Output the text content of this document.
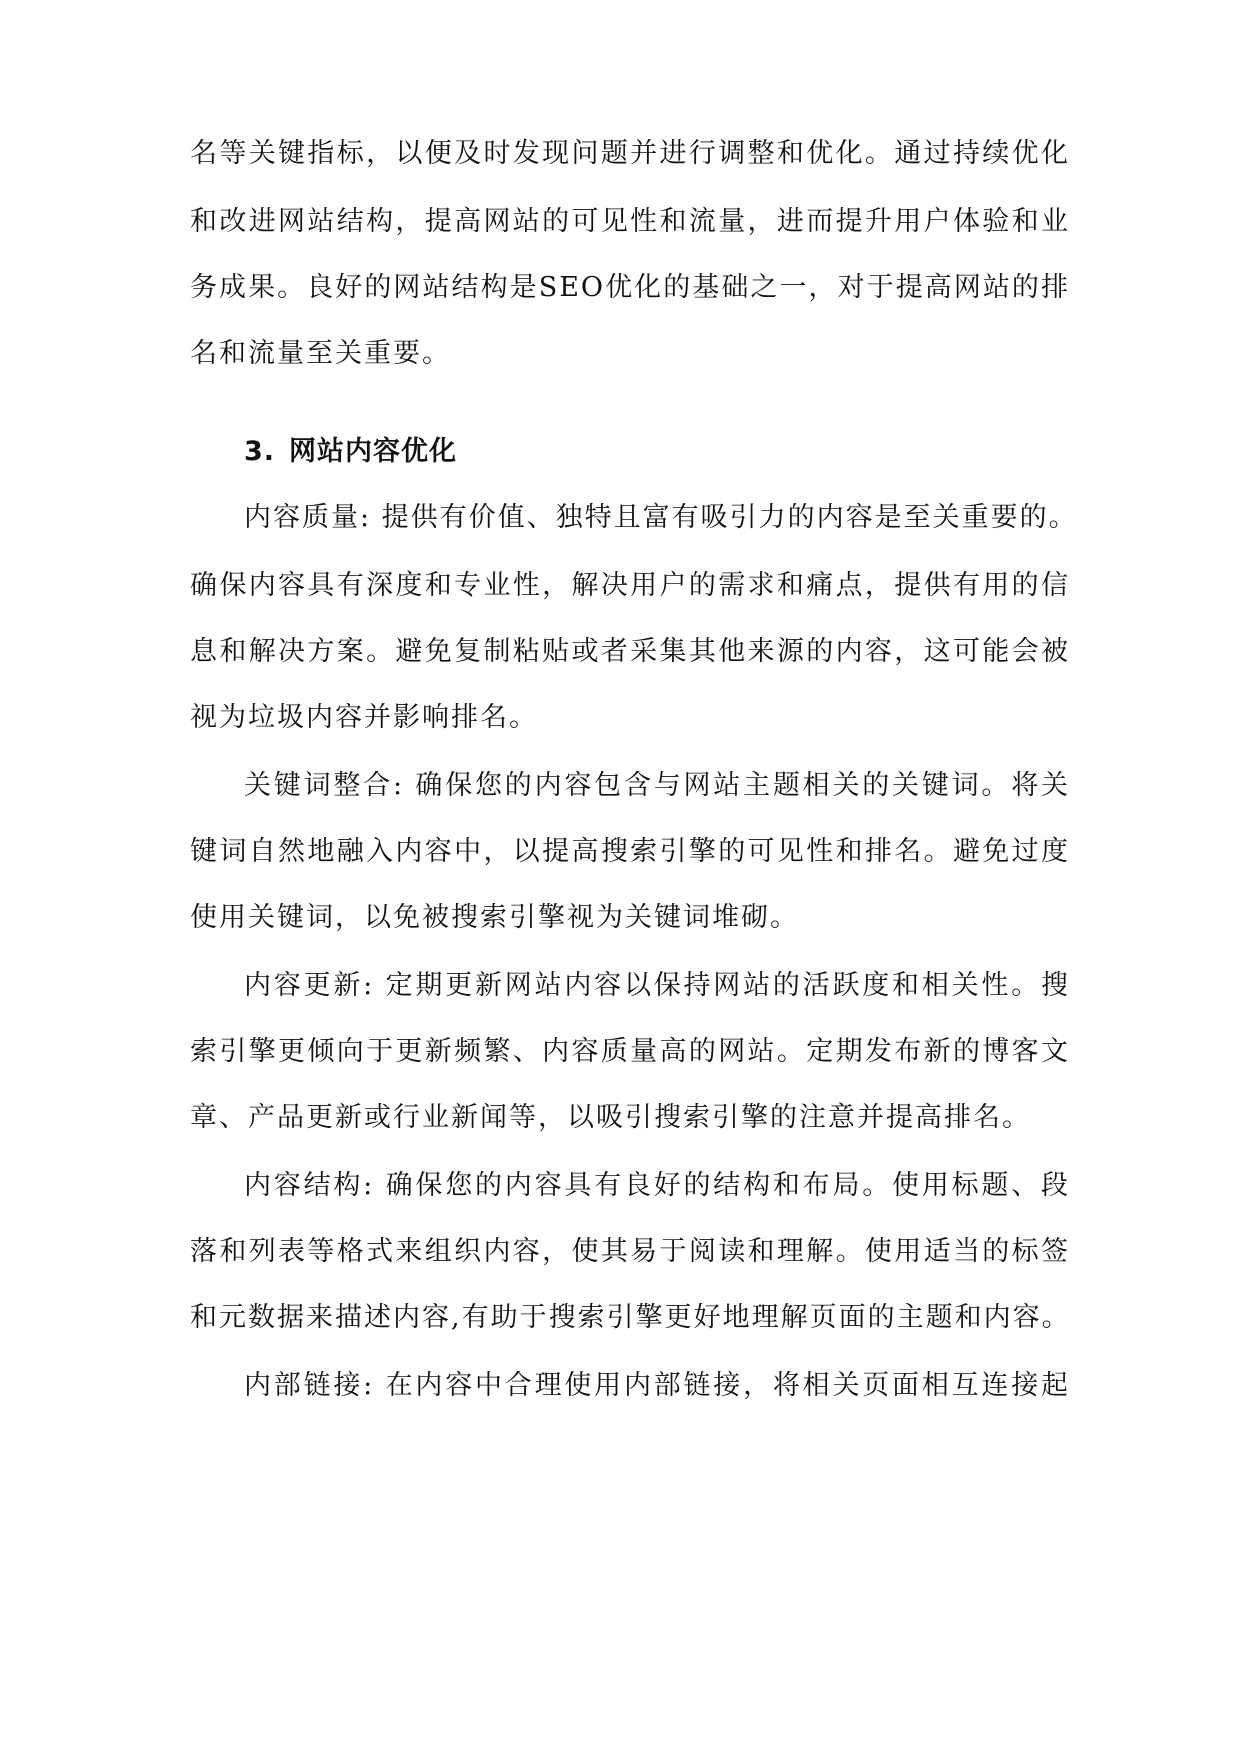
名等关键指标，以便及时发现问题并进行调整和优化。通过持续优化
和改进网站结构，提高网站的可见性和流量，进而提升用户体验和业
务成果。良好的网站结构是SEO优化的基础之一，对于提高网站的排
名和流量至关重要。
3. 网站内容优化
内容质量: 提供有价值、独特且富有吸引力的内容是至关重要的。
确保内容具有深度和专业性，解决用户的需求和痛点，提供有用的信
息和解决方案。避免复制粘贴或者采集其他来源的内容，这可能会被
视为垃圾内容并影响排名。
关键词整合: 确保您的内容包含与网站主题相关的关键词。将关
键词自然地融入内容中，以提高搜索引擎的可见性和排名。避免过度
使用关键词，以免被搜索引擎视为关键词堆砌。
内容更新: 定期更新网站内容以保持网站的活跃度和相关性。搜
索引擎更倾向于更新频繁、内容质量高的网站。定期发布新的博客文
章、产品更新或行业新闻等，以吸引搜索引擎的注意并提高排名。
内容结构: 确保您的内容具有良好的结构和布局。使用标题、段
落和列表等格式来组织内容，使其易于阅读和理解。使用适当的标签
和元数据来描述内容,有助于搜索引擎更好地理解页面的主题和内容。
内部链接: 在内容中合理使用内部链接，将相关页面相互连接起
